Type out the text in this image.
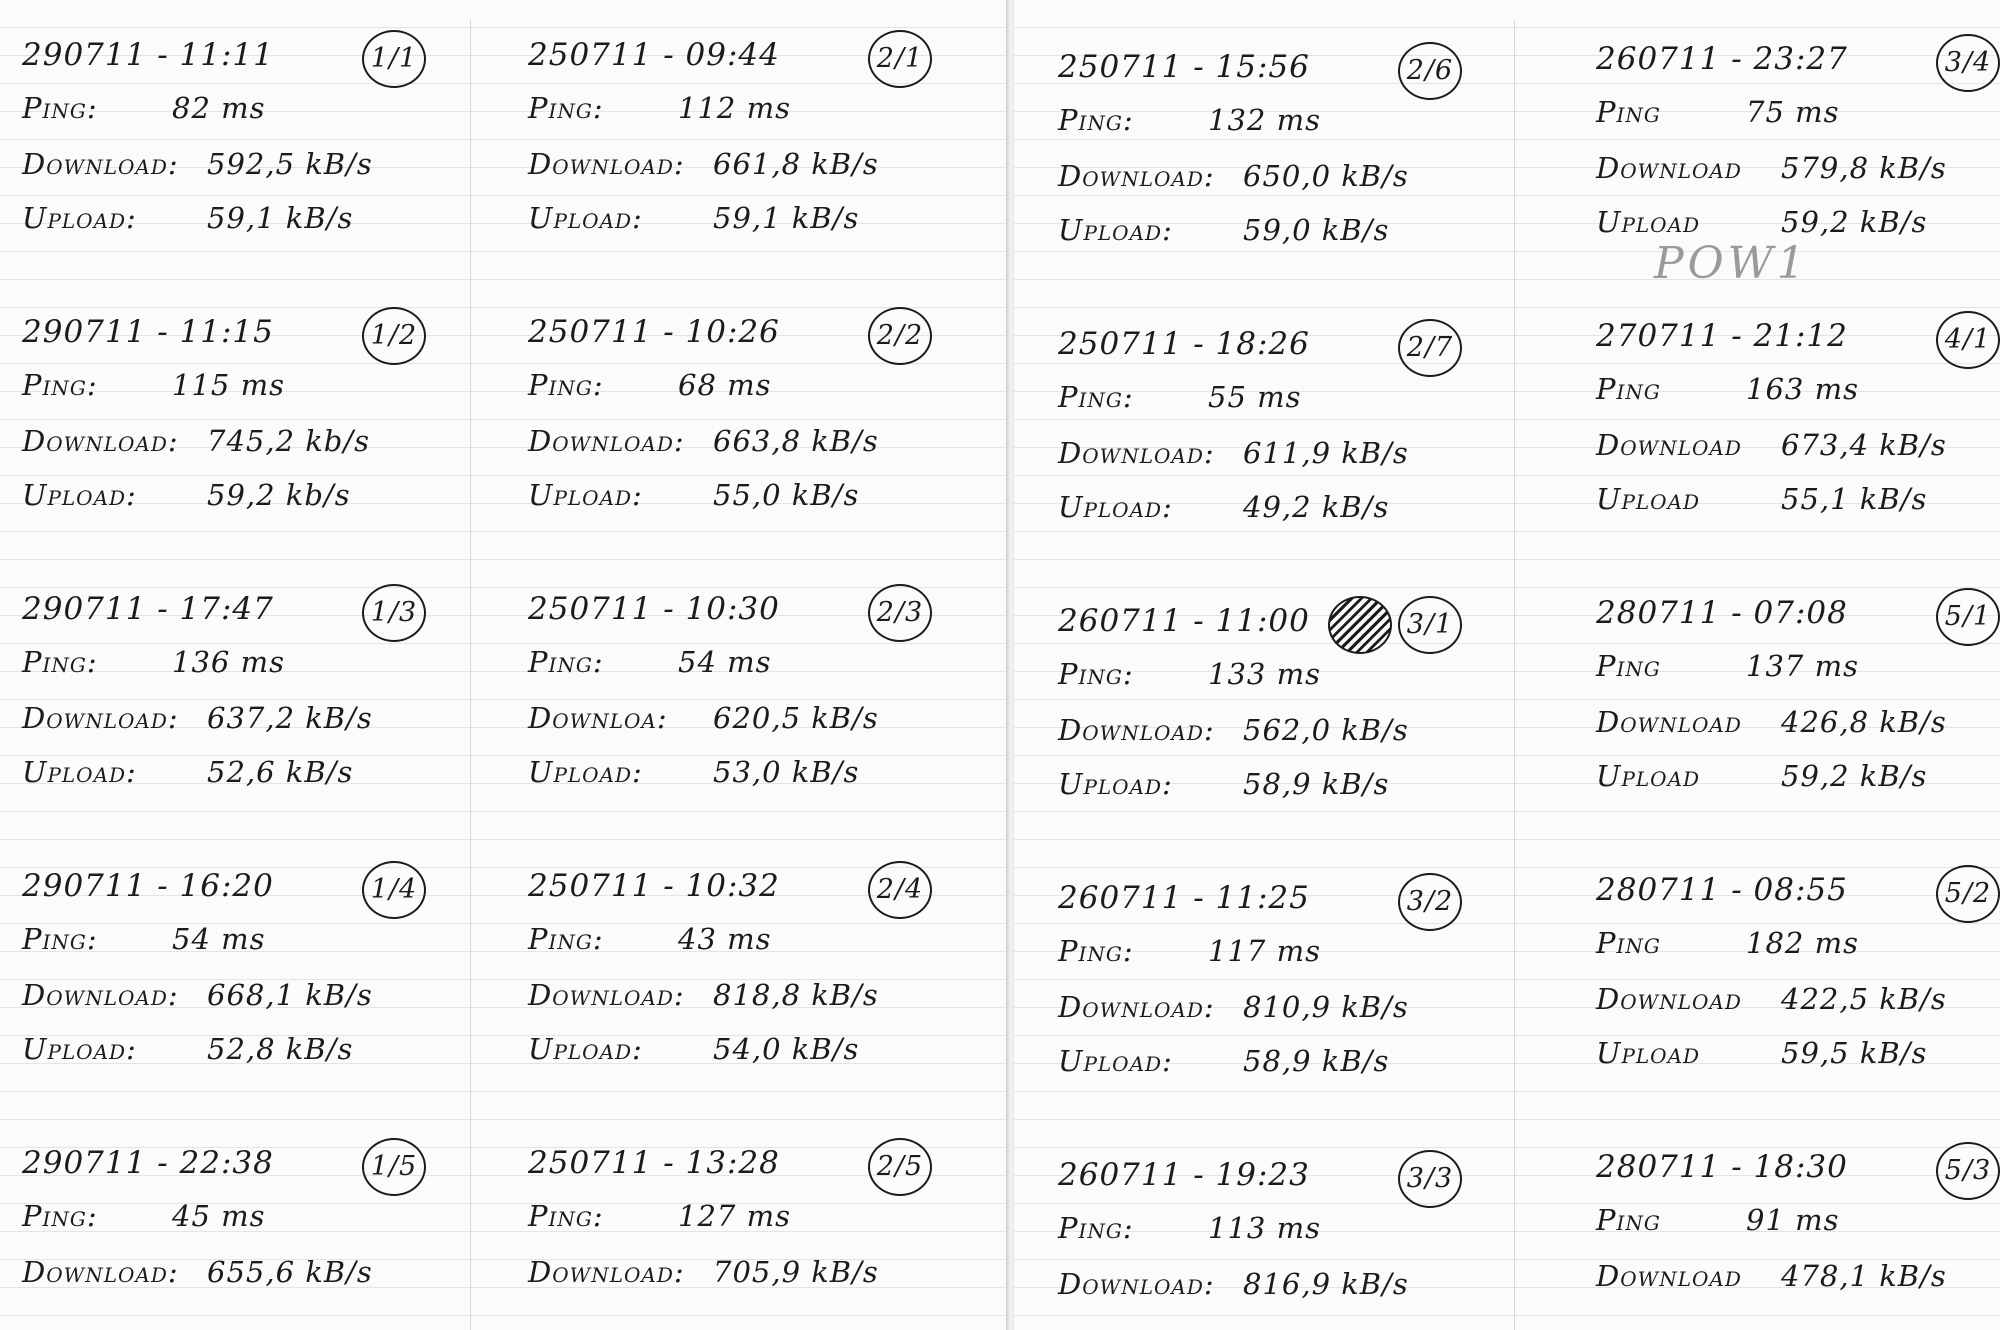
290711 - 11:11	1/1
Ping:	82 ms
Download: 592,5 kB/s
Upload: 59,1 kB/s
290711 - 11:15	1/2
Ping:	115 ms
Download: 745,2 kb/s
Upload: 59,2 kb/s
290711 - 17:47	1/3
Ping:	136 ms
Download: 637,2 kB/s
Upload: 52,6 kB/s
290711 - 16:20	1/4
Ping:	54 ms
Download: 668,1 kB/s
Upload: 52,8 kB/s
290711 - 22:38	1/5
Ping:	45 ms
Download: 655,6 kB/s
250711 - 09:44	2/1
Ping:	112 ms
Download: 661,8 kB/s
Upload: 59,1 kB/s
250711 - 10:26	2/2
Ping:	68 ms
Download: 663,8 kB/s
Upload: 55,0 kB/s
250711 - 10:30	2/3
Ping:	54 ms
Downloa: 620,5 kB/s
Upload: 53,0 kB/s
250711 - 10:32	2/4
Ping:	43 ms
Download: 818,8 kB/s
Upload: 54,0 kB/s
250711 - 13:28	2/5
Ping:	127 ms
Download: 705,9 kB/s
250711 - 15:56	2/6
Ping:	132 ms
Download: 650,0 kB/s
Upload: 59,0 kB/s
250711 - 18:26	2/7
Ping:	55 ms
Download: 611,9 kB/s
Upload: 49,2 kB/s
260711 - 11:00	3/1
Ping:	133 ms
Download: 562,0 kB/s
Upload: 58,9 kB/s
260711 - 11:25	3/2
Ping:	117 ms
Download: 810,9 kB/s
Upload: 58,9 kB/s
260711 - 19:23	3/3
Ping:	113 ms
Download: 816,9 kB/s
260711 - 23:27	3/4
Ping	75 ms
Download 579,8 kB/s
Upload	59,2 kB/s
270711 - 21:12	4/1
Ping	163 ms
Download 673,4 kB/s
Upload	55,1 kB/s
280711 - 07:08	5/1
Ping	137 ms
Download 426,8 kB/s
Upload	59,2 kB/s
280711 - 08:55	5/2
Ping	182 ms
Download 422,5 kB/s
Upload	59,5 kB/s
280711 - 18:30	5/3
Ping	91 ms
Download 478,1 kB/s
POW1
